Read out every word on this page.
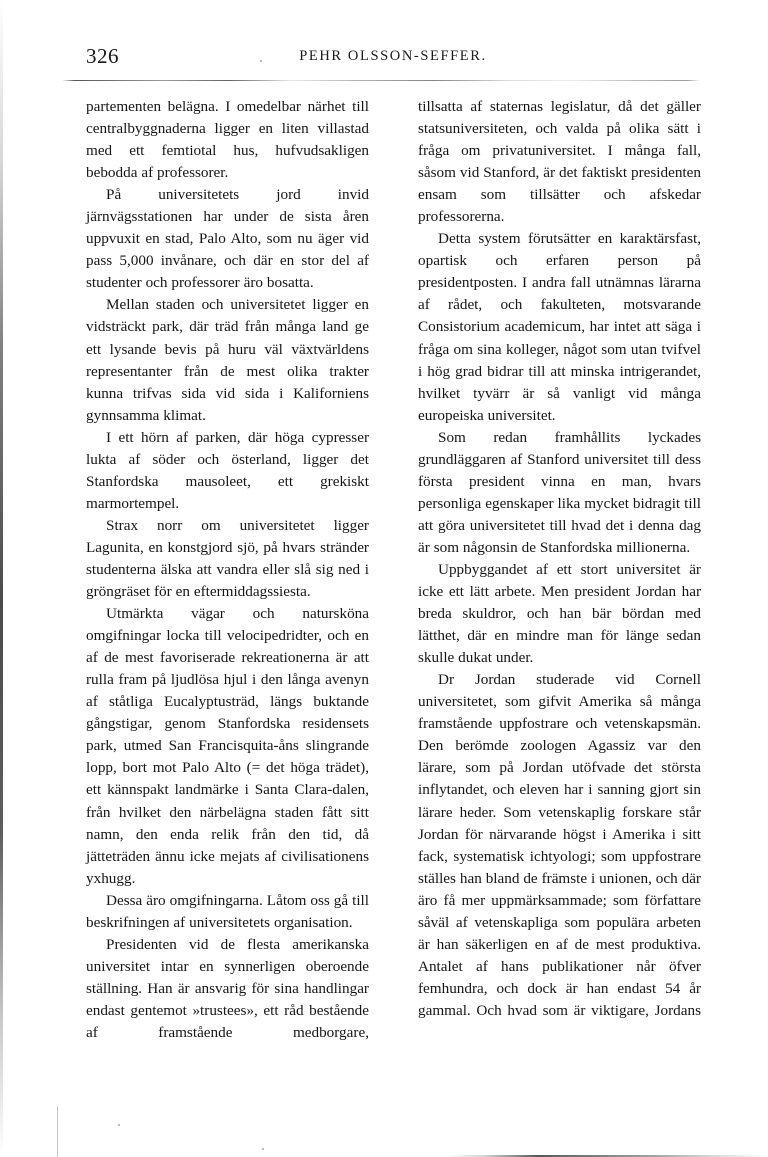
326	PEHR OLSSON-SEFFER.

partementen belägna. I omedelbar närhet till centralbyggnaderna ligger en liten villastad med ett femtiotal hus, hufvudsakligen bebodda af professorer.

På universitetets jord invid järnvägsstationen har under de sista åren uppvuxit en stad, Palo Alto, som nu äger vid pass 5,000 invånare, och där en stor del af studenter och professorer äro bosatta.

Mellan staden och universitetet ligger en vidsträckt park, där träd från många land ge ett lysande bevis på huru väl växtvärldens representanter från de mest olika trakter kunna trifvas sida vid sida i Kaliforniens gynnsamma klimat.

I ett hörn af parken, där höga cypresser lukta af söder och österland, ligger det Stanfordska mausoleet, ett grekiskt marmortempel.

Strax norr om universitetet ligger Lagunita, en konstgjord sjö, på hvars stränder studenterna älska att vandra eller slå sig ned i gröngräset för en eftermiddagssiesta.

Utmärkta vägar och natursköna omgifningar locka till velocipedridter, och en af de mest favoriserade rekreationerna är att rulla fram på ljudlösa hjul i den långa avenyn af ståtliga Eucalyptusträd, längs buktande gångstigar, genom Stanfordska residensets park, utmed San Francisquita-åns slingrande lopp, bort mot Palo Alto (= det höga trädet), ett kännspakt landmärke i Santa Clara-dalen, från hvilket den närbelägna staden fått sitt namn, den enda relik från den tid, då jätteträden ännu icke mejats af civilisationens yxhugg.

Dessa äro omgifningarna. Låtom oss gå till beskrifningen af universitetets organisation.

Presidenten vid de flesta amerikanska universitet intar en synnerligen oberoende ställning. Han är ansvarig för sina handlingar endast gentemot »trustees», ett råd bestående af framstående medborgare,

tillsatta af staternas legislatur, då det gäller statsuniversiteten, och valda på olika sätt i fråga om privatuniversitet. I många fall, såsom vid Stanford, är det faktiskt presidenten ensam som tillsätter och afskedar professorerna.

Detta system förutsätter en karaktärsfast, opartisk och erfaren person på presidentposten. I andra fall utnämnas lärarna af rådet, och fakulteten, motsvarande Consistorium academicum, har intet att säga i fråga om sina kolleger, något som utan tvifvel i hög grad bidrar till att minska intrigerandet, hvilket tyvärr är så vanligt vid många europeiska universitet.

Som redan framhållits lyckades grundläggaren af Stanford universitet till dess första president vinna en man, hvars personliga egenskaper lika mycket bidragit till att göra universitetet till hvad det i denna dag är som någonsin de Stanfordska millionerna.

Uppbyggandet af ett stort universitet är icke ett lätt arbete. Men president Jordan har breda skuldror, och han bär bördan med lätthet, där en mindre man för länge sedan skulle dukat under.

Dr Jordan studerade vid Cornell universitetet, som gifvit Amerika så många framstående uppfostrare och vetenskapsmän. Den berömde zoologen Agassiz var den lärare, som på Jordan utöfvade det största inflytandet, och eleven har i sanning gjort sin lärare heder. Som vetenskaplig forskare står Jordan för närvarande högst i Amerika i sitt fack, systematisk ichtyologi; som uppfostrare ställes han bland de främste i unionen, och där äro få mer uppmärksammade; som författare såväl af vetenskapliga som populära arbeten är han säkerligen en af de mest produktiva. Antalet af hans publikationer når öfver femhundra, och dock är han endast 54 år gammal. Och hvad som är viktigare, Jordans
